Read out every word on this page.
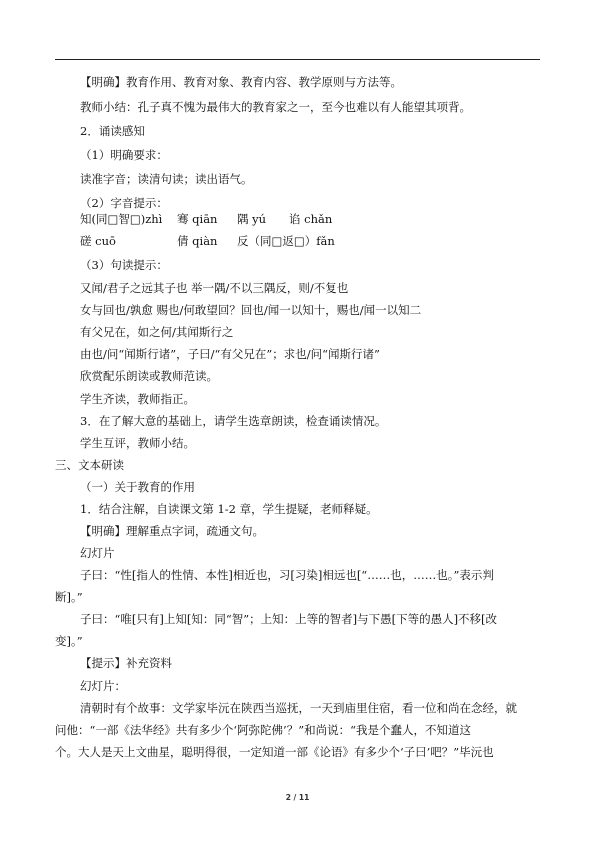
【明确】教育作用、教育对象、教育内容、教学原则与方法等。
教师小结：孔子真不愧为最伟大的教育家之一，至今也难以有人能望其项背。
2．诵读感知
（1）明确要求：
读准字音；读清句读；读出语气。
（2）字音提示：
知(同□智□)zhì 骞 qiān 隅 yú 谄 chǎn
磋 cuō	倩 qiàn 反（同□返□）fǎn
（3）句读提示：
又闻/君子之远其子也 举一隅/不以三隅反，则/不复也
女与回也/孰愈 赐也/何敢望回？回也/闻一以知十，赐也/闻一以知二
有父兄在，如之何/其闻斯行之
由也/问“闻斯行诸”，子曰/“有父兄在”；求也/问“闻斯行诸”
欣赏配乐朗读或教师范读。
学生齐读，教师指正。
3．在了解大意的基础上，请学生选章朗读，检查诵读情况。
学生互评，教师小结。
三、文本研读
（一）关于教育的作用
1．结合注解，自读课文第 1-2 章，学生提疑，老师释疑。
【明确】理解重点字词，疏通文句。
幻灯片
子曰：“性[指人的性情、本性]相近也，习[习染]相远也[“……也，……也。”表示判
断]。”
子曰：“唯[只有]上知[知：同“智”；上知：上等的智者]与下愚[下等的愚人]不移[改
变]。”
【提示】补充资料
幻灯片：
清朝时有个故事：文学家毕沅在陕西当巡抚，一天到庙里住宿，看一位和尚在念经，就
问他：“一部《法华经》共有多少个‘阿弥陀佛’？”和尚说：“我是个蠢人，不知道这
个。大人是天上文曲星，聪明得很，一定知道一部《论语》有多少个‘子曰’吧？”毕沅也
2 / 11
